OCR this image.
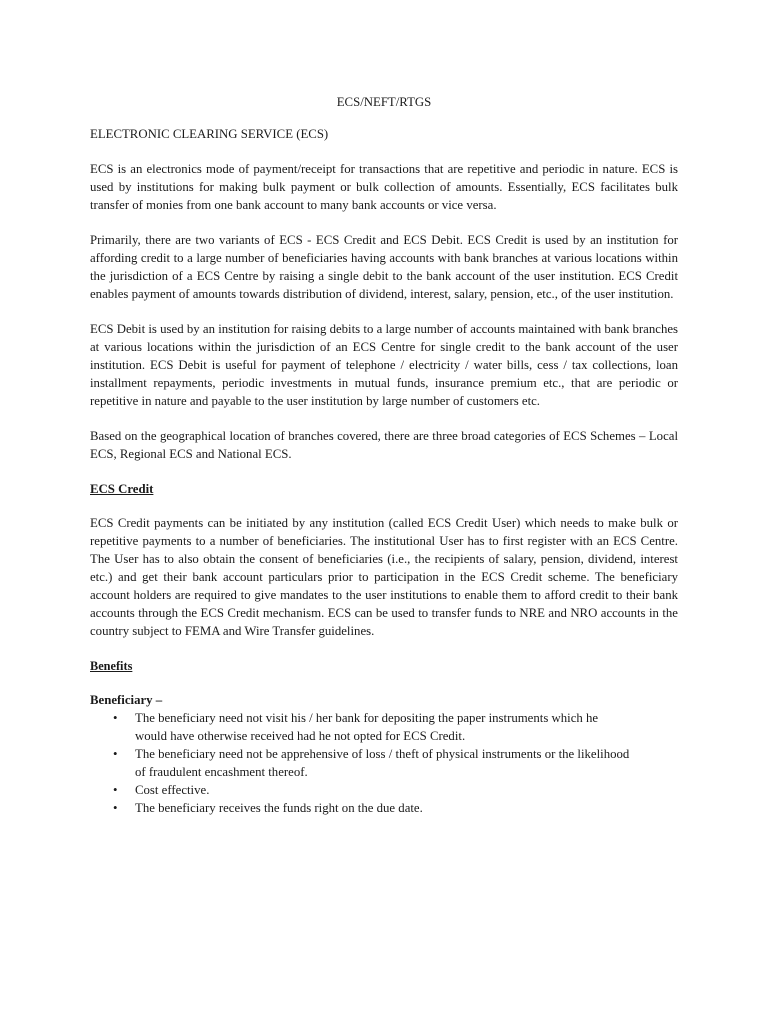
ECS/NEFT/RTGS
ELECTRONIC CLEARING SERVICE (ECS)

ECS is an electronics mode of payment/receipt for transactions that are repetitive and periodic in nature. ECS is used by institutions for making bulk payment or bulk collection of amounts. Essentially, ECS facilitates bulk transfer of monies from one bank account to many bank accounts or vice versa.

Primarily, there are two variants of ECS - ECS Credit and ECS Debit. ECS Credit is used by an institution for affording credit to a large number of beneficiaries having accounts with bank branches at various locations within the jurisdiction of a ECS Centre by raising a single debit to the bank account of the user institution. ECS Credit enables payment of amounts towards distribution of dividend, interest, salary, pension, etc., of the user institution.

ECS Debit is used by an institution for raising debits to a large number of accounts maintained with bank branches at various locations within the jurisdiction of an ECS Centre for single credit to the bank account of the user institution. ECS Debit is useful for payment of telephone / electricity / water bills, cess / tax collections, loan installment repayments, periodic investments in mutual funds, insurance premium etc., that are periodic or repetitive in nature and payable to the user institution by large number of customers etc.

Based on the geographical location of branches covered, there are three broad categories of ECS Schemes – Local ECS, Regional ECS and National ECS.

ECS Credit

ECS Credit payments can be initiated by any institution (called ECS Credit User) which needs to make bulk or repetitive payments to a number of beneficiaries. The institutional User has to first register with an ECS Centre. The User has to also obtain the consent of beneficiaries (i.e., the recipients of salary, pension, dividend, interest etc.) and get their bank account particulars prior to participation in the ECS Credit scheme. The beneficiary account holders are required to give mandates to the user institutions to enable them to afford credit to their bank accounts through the ECS Credit mechanism. ECS can be used to transfer funds to NRE and NRO accounts in the country subject to FEMA and Wire Transfer guidelines.

Benefits
Beneficiary –
• The beneficiary need not visit his / her bank for depositing the paper instruments which he
would have otherwise received had he not opted for ECS Credit.
• The beneficiary need not be apprehensive of loss / theft of physical instruments or the likelihood
of fraudulent encashment thereof.
• Cost effective.
• The beneficiary receives the funds right on the due date.
